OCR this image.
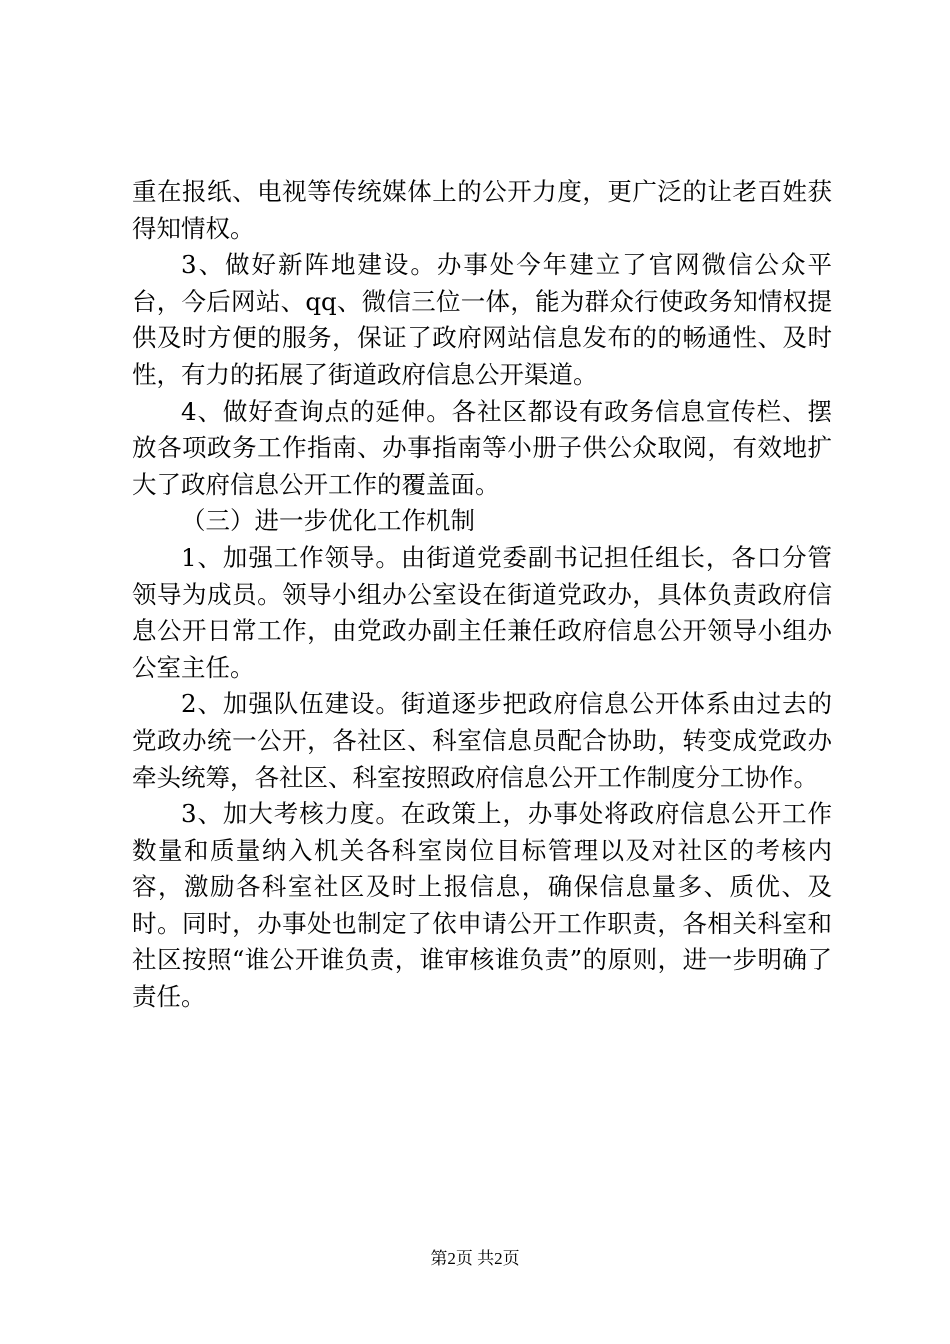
重在报纸、电视等传统媒体上的公开力度，更广泛的让老百姓获得知情权。

3、做好新阵地建设。办事处今年建立了官网微信公众平台，今后网站、qq、微信三位一体，能为群众行使政务知情权提供及时方便的服务，保证了政府网站信息发布的的畅通性、及时性，有力的拓展了街道政府信息公开渠道。

4、做好查询点的延伸。各社区都设有政务信息宣传栏、摆放各项政务工作指南、办事指南等小册子供公众取阅，有效地扩大了政府信息公开工作的覆盖面。

（三）进一步优化工作机制

1、加强工作领导。由街道党委副书记担任组长，各口分管领导为成员。领导小组办公室设在街道党政办，具体负责政府信息公开日常工作，由党政办副主任兼任政府信息公开领导小组办公室主任。

2、加强队伍建设。街道逐步把政府信息公开体系由过去的党政办统一公开，各社区、科室信息员配合协助，转变成党政办牵头统筹，各社区、科室按照政府信息公开工作制度分工协作。

3、加大考核力度。在政策上，办事处将政府信息公开工作数量和质量纳入机关各科室岗位目标管理以及对社区的考核内容，激励各科室社区及时上报信息，确保信息量多、质优、及时。同时，办事处也制定了依申请公开工作职责，各相关科室和社区按照“谁公开谁负责，谁审核谁负责”的原则，进一步明确了责任。

第2页 共2页
